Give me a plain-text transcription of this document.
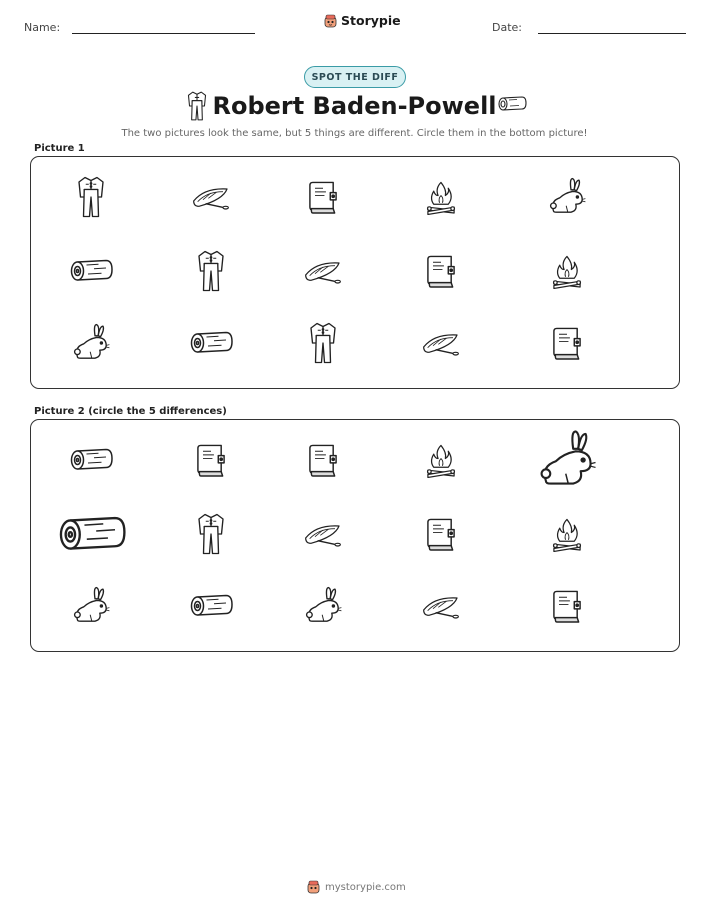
Name:	Storypie	Date:
SPOT THE DIFF
Robert Baden-Powell
The two pictures look the same, but 5 things are different. Circle them in the bottom picture!
Picture 1
Picture 2 (circle the 5 differences)
mystorypie.com
